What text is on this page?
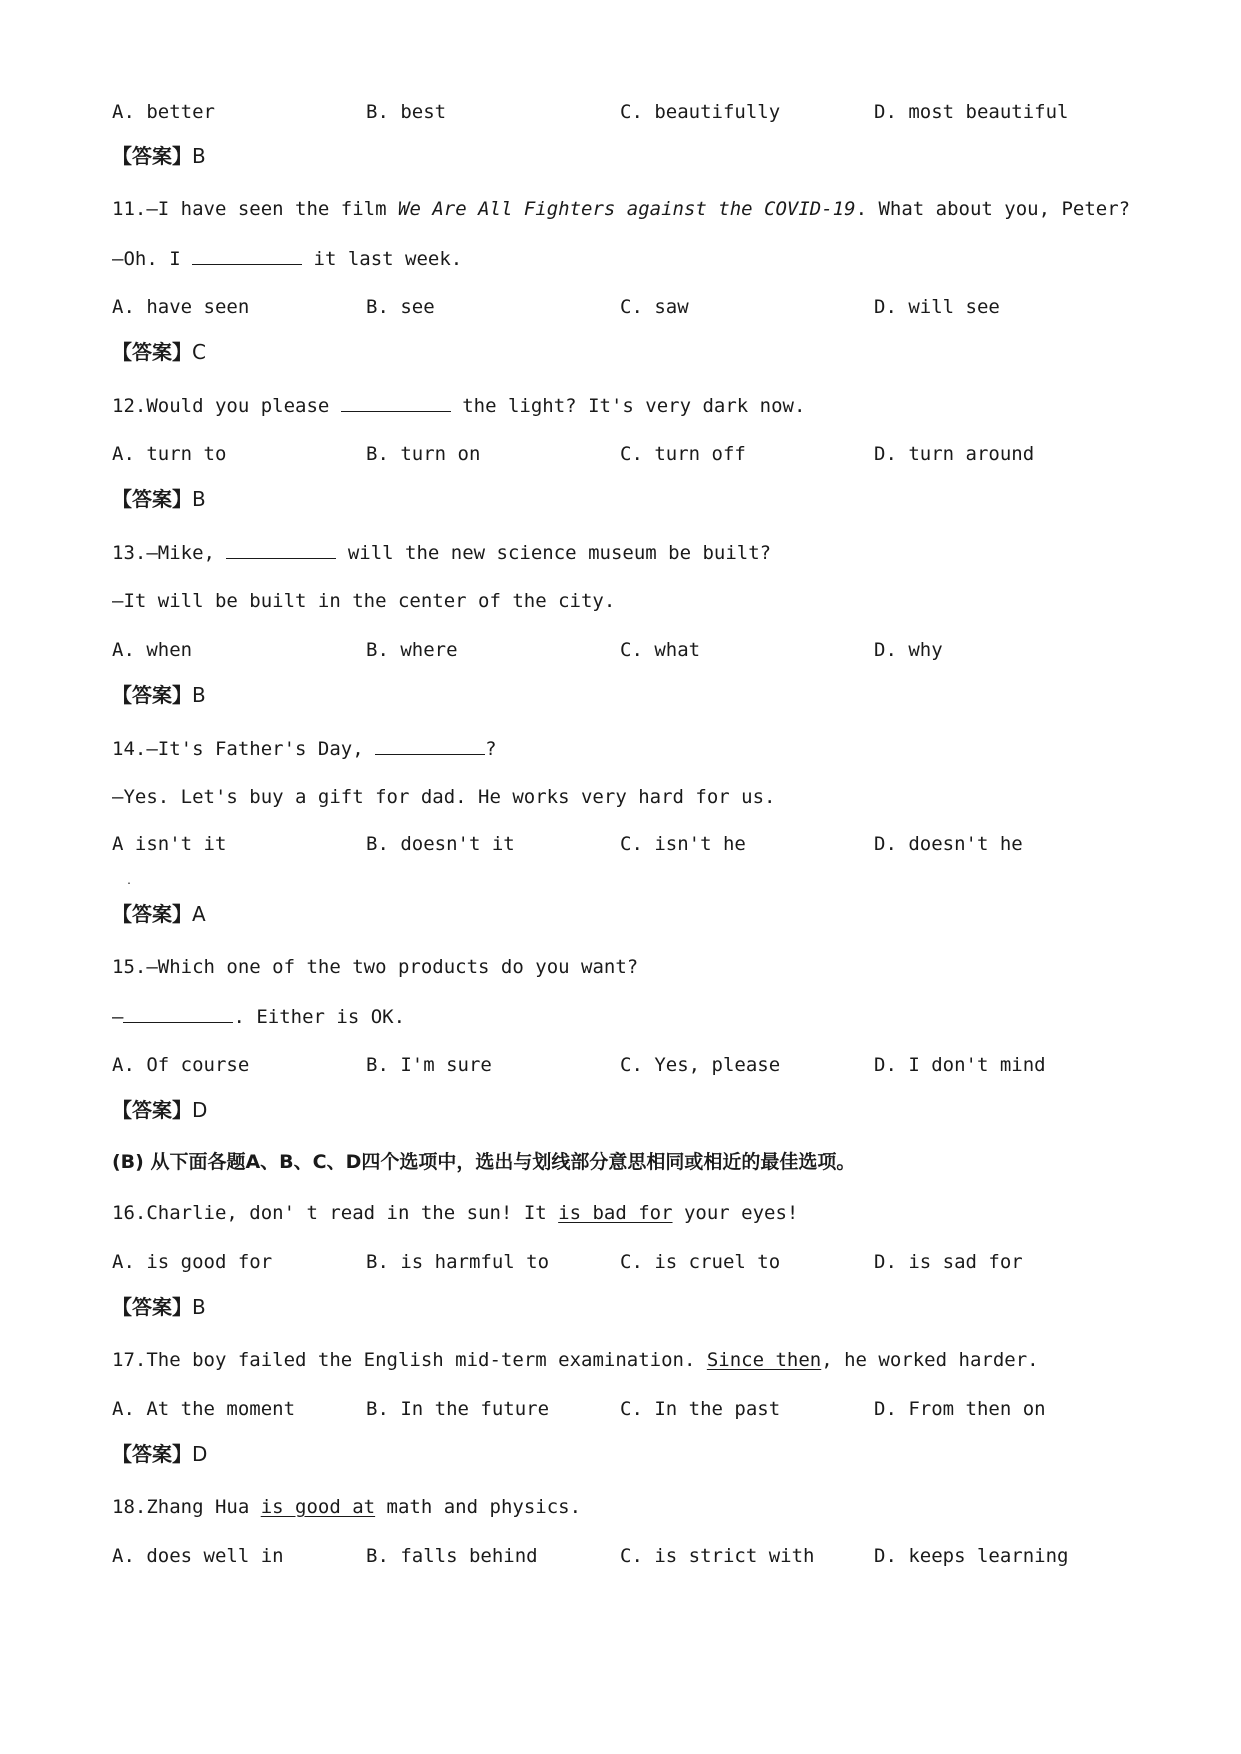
A. better	B. best	C. beautifully	D. most beautiful
【答案】B
11.—I have seen the film We Are All Fighters against the COVID-19. What about you, Peter?
—Oh. I	it last week.
A. have seen	B. see	C. saw	D. will see
【答案】C
12.Would you please	the light? It's very dark now.
A. turn to	B. turn on	C. turn off	D. turn around
【答案】B
13.—Mike,	will the new science museum be built?
—It will be built in the center of the city.
A. when	B. where	C. what	D. why
【答案】B
14.—It's Father's Day,	?
—Yes. Let's buy a gift for dad. He works very hard for us.
A isn't it	B. doesn't it	C. isn't he	D. doesn't he
.
【答案】A
15.—Which one of the two products do you want?
—	. Either is OK.
A. Of course	B. I'm sure	C. Yes, please	D. I don't mind
【答案】D
(B) 从下面各题A、B、C、D四个选项中，选出与划线部分意思相同或相近的最佳选项。
16.Charlie, don' t read in the sun! It is bad for your eyes!
A. is good for	B. is harmful to	C. is cruel to	D. is sad for
【答案】B
17.The boy failed the English mid-term examination. Since then, he worked harder.
A. At the moment	B. In the future	C. In the past	D. From then on
【答案】D
18.Zhang Hua is good at math and physics.
A. does well in	B. falls behind	C. is strict with	D. keeps learning
